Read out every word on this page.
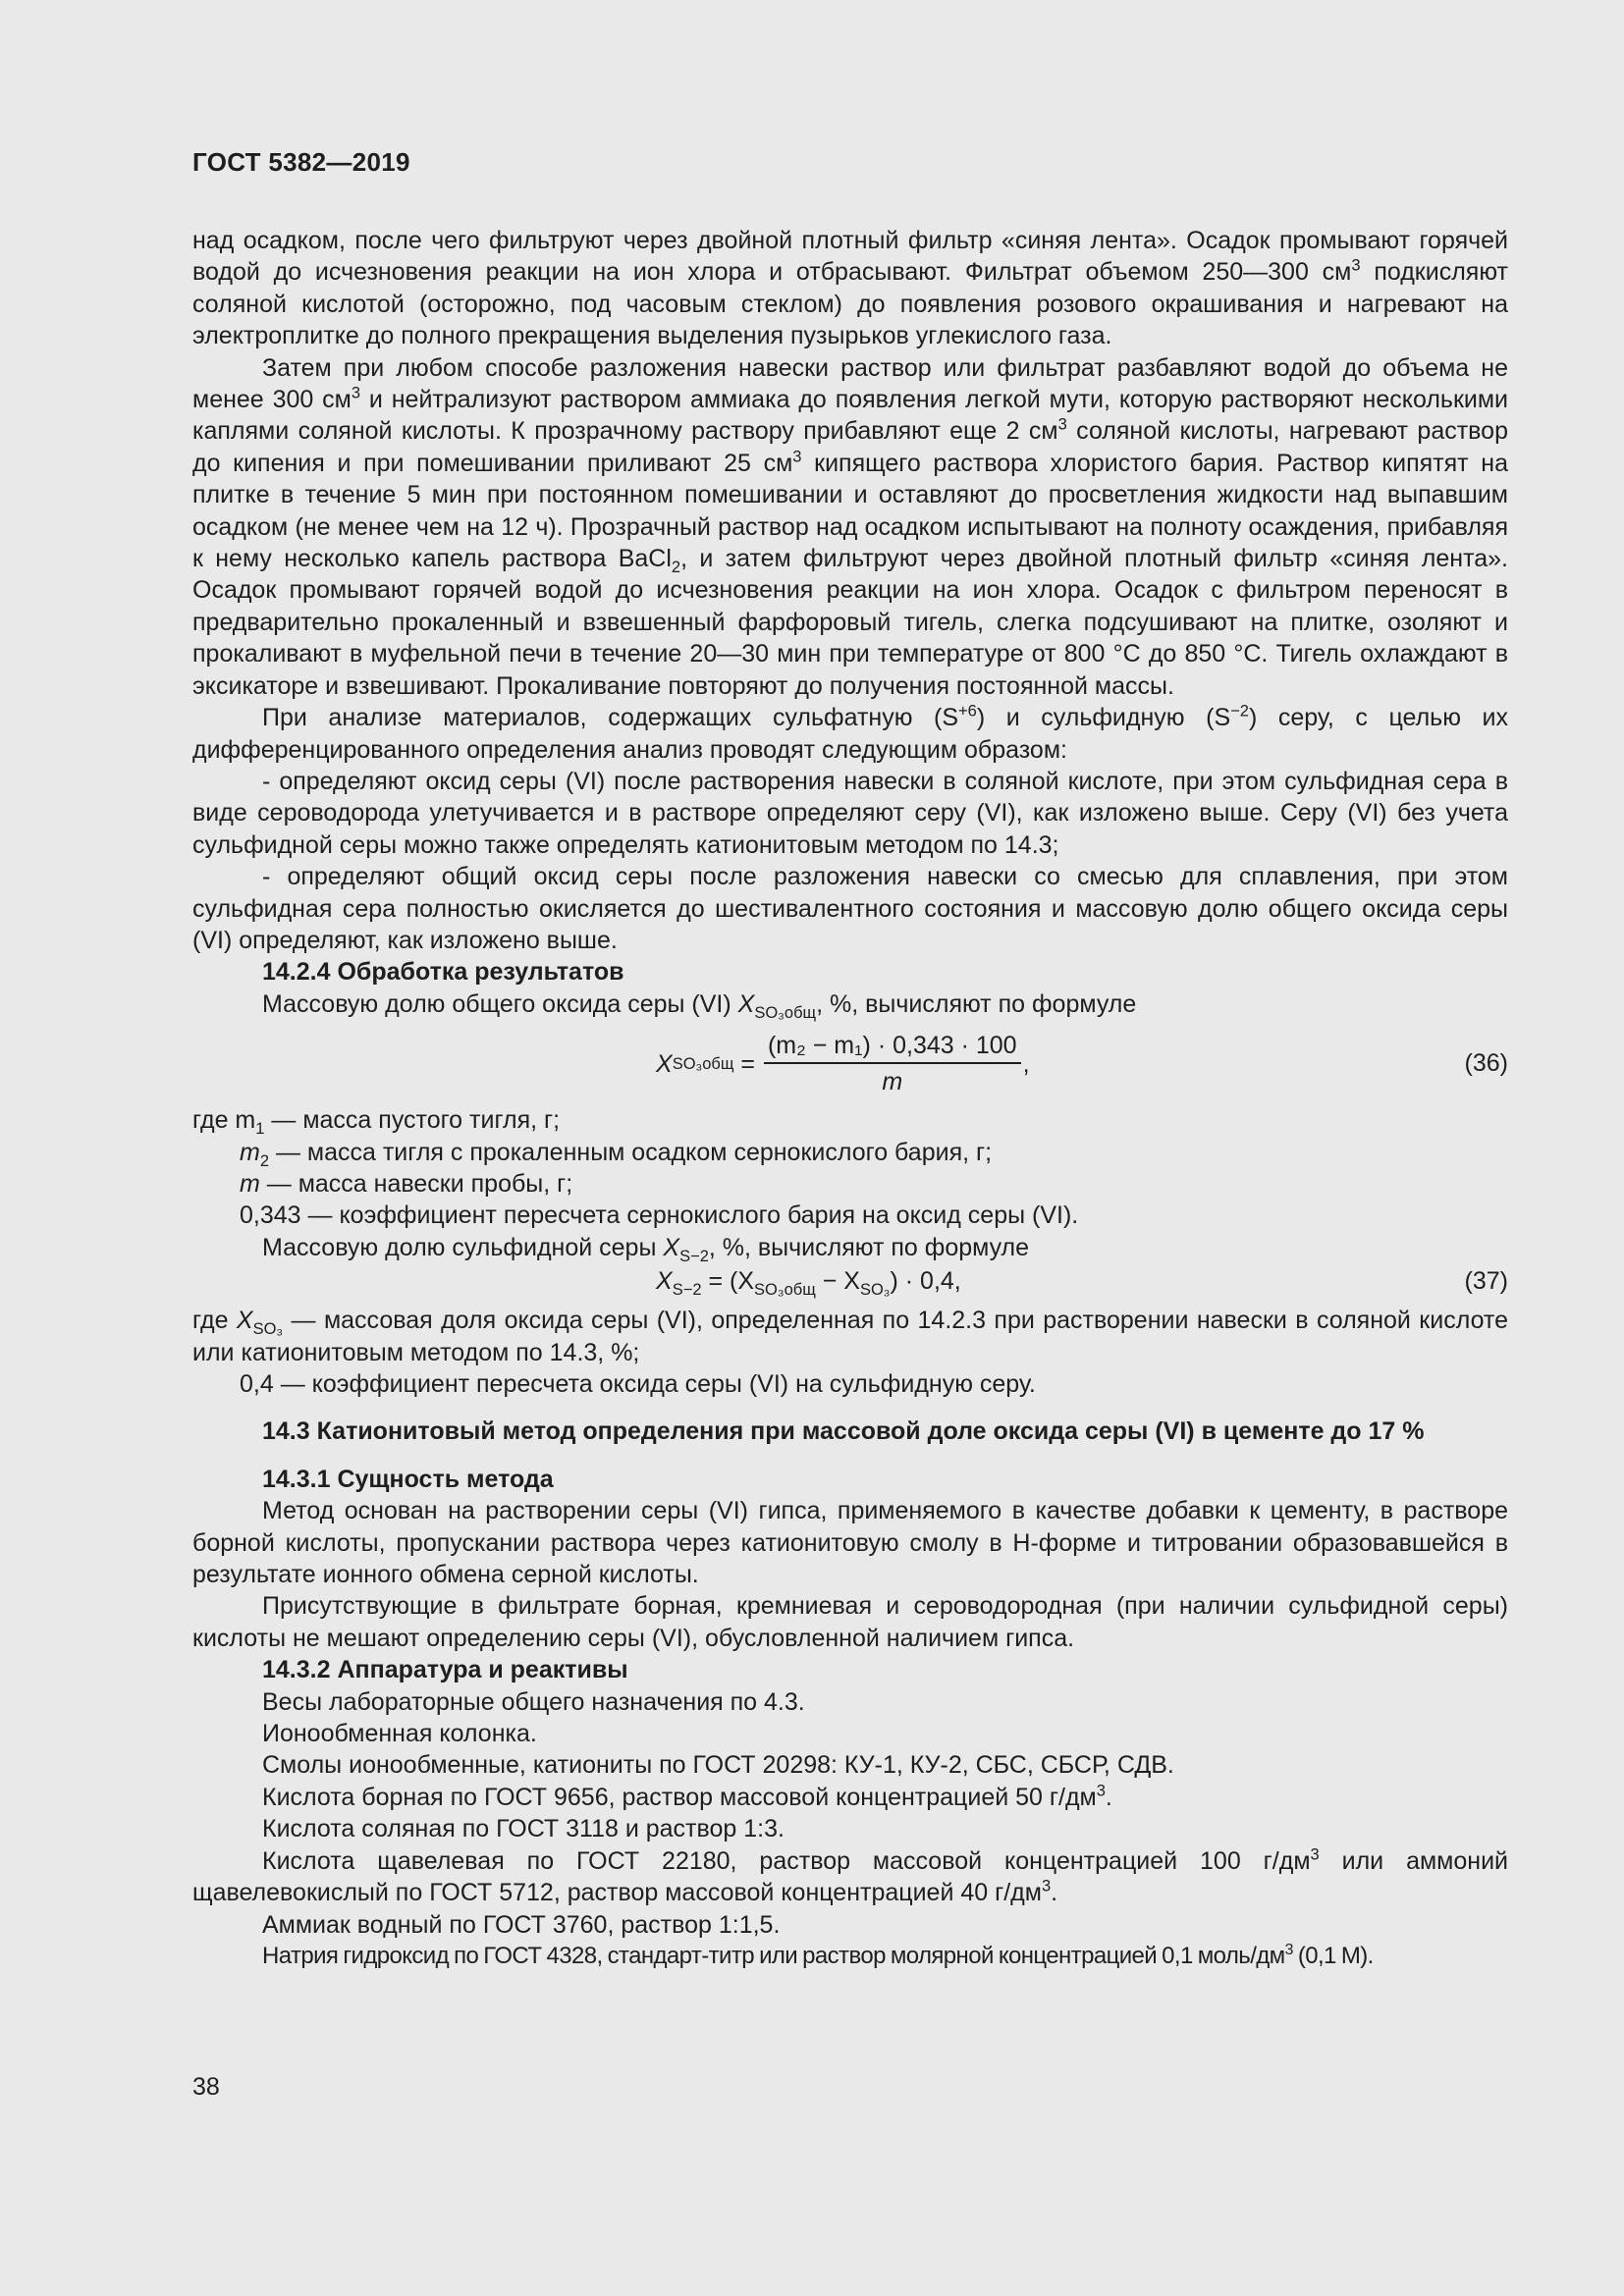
ГОСТ 5382—2019

над осадком, после чего фильтруют через двойной плотный фильтр «синяя лента». Осадок промывают горячей водой до исчезновения реакции на ион хлора и отбрасывают. Фильтрат объемом 250—300 $см^3$ подкисляют соляной кислотой (осторожно, под часовым стеклом) до появления розового окрашивания и нагревают на электроплитке до полного прекращения выделения пузырьков углекислого газа.

Затем при любом способе разложения навески раствор или фильтрат разбавляют водой до объема не менее 300 $см^3$ и нейтрализуют раствором аммиака до появления легкой мути, которую растворяют несколькими каплями соляной кислоты. К прозрачному раствору прибавляют еще 2 $см^3$ соляной кислоты, нагревают раствор до кипения и при помешивании приливают 25 $см^3$ кипящего раствора хлористого бария. Раствор кипятят на плитке в течение 5 мин при постоянном помешивании и оставляют до просветления жидкости над выпавшим осадком (не менее чем на 12 ч). Прозрачный раствор над осадком испытывают на полноту осаждения, прибавляя к нему несколько капель раствора BaCl$_2$, и затем фильтруют через двойной плотный фильтр «синяя лента». Осадок промывают горячей водой до исчезновения реакции на ион хлора. Осадок с фильтром переносят в предварительно прокаленный и взвешенный фарфоровый тигель, слегка подсушивают на плитке, озоляют и прокаливают в муфельной печи в течение 20—30 мин при температуре от 800 °С до 850 °С. Тигель охлаждают в эксикаторе и взвешивают. Прокаливание повторяют до получения постоянной массы.

При анализе материалов, содержащих сульфатную $(S^{+6})$ и сульфидную $(S^{-2})$ серу, с целью их дифференцированного определения анализ проводят следующим образом:

- определяют оксид серы (VI) после растворения навески в соляной кислоте, при этом сульфидная сера в виде сероводорода улетучивается и в растворе определяют серу (VI), как изложено выше. Серу (VI) без учета сульфидной серы можно также определять катионитовым методом по 14.3;

- определяют общий оксид серы после разложения навески со смесью для сплавления, при этом сульфидная сера полностью окисляется до шестивалентного состояния и массовую долю общего оксида серы (VI) определяют, как изложено выше.

14.2.4 Обработка результатов

Массовую долю общего оксида серы (VI) $X_{SO_3общ}$, %, вычисляют по формуле

X $SO_3общ = \frac{\text{(m₂ − m₁) · 0,343 · 100}}{m}$ ,	(36)

где $m_1$ — масса пустого тигля, г;

$m_2$ — масса тигля с прокаленным осадком сернокислого бария, г;

m — масса навески пробы, г;

0,343 — коэффициент пересчета сернокислого бария на оксид серы (VI).

Массовую долю сульфидной серы $X_{S-2}$, %, вычисляют по формуле

$X_{S-2} = (X_{SO_3общ} - X_{SO_3}) \cdot 0,4$,	(37)

где $X_{SO_3}$ — массовая доля оксида серы (VI), определенная по 14.2.3 при растворении навески в соляной кислоте или катионитовым методом по 14.3, %;

0,4 — коэффициент пересчета оксида серы (VI) на сульфидную серу.

14.3 Катионитовый метод определения при массовой доле оксида серы (VI) в цементе до 17 %

14.3.1 Сущность метода

Метод основан на растворении серы (VI) гипса, применяемого в качестве добавки к цементу, в растворе борной кислоты, пропускании раствора через катионитовую смолу в Н-форме и титровании образовавшейся в результате ионного обмена серной кислоты.

Присутствующие в фильтрате борная, кремниевая и сероводородная (при наличии сульфидной серы) кислоты не мешают определению серы (VI), обусловленной наличием гипса.

14.3.2 Аппаратура и реактивы

Весы лабораторные общего назначения по 4.3.

Ионообменная колонка.

Смолы ионообменные, катиониты по ГОСТ 20298: КУ-1, КУ-2, СБС, СБСР, СДВ.

Кислота борная по ГОСТ 9656, раствор массовой концентрацией 50 $г/дм^3$.

Кислота соляная по ГОСТ 3118 и раствор 1:3.

Кислота щавелевая по ГОСТ 22180, раствор массовой концентрацией 100 $г/дм^3$ или аммоний щавелевокислый по ГОСТ 5712, раствор массовой концентрацией 40 $г/дм^3$.

Аммиак водный по ГОСТ 3760, раствор 1:1,5.

Натрия гидроксид по ГОСТ 4328, стандарт-титр или раствор молярной концентрацией 0,1 моль/$дм^3$ (0,1 М).

38
